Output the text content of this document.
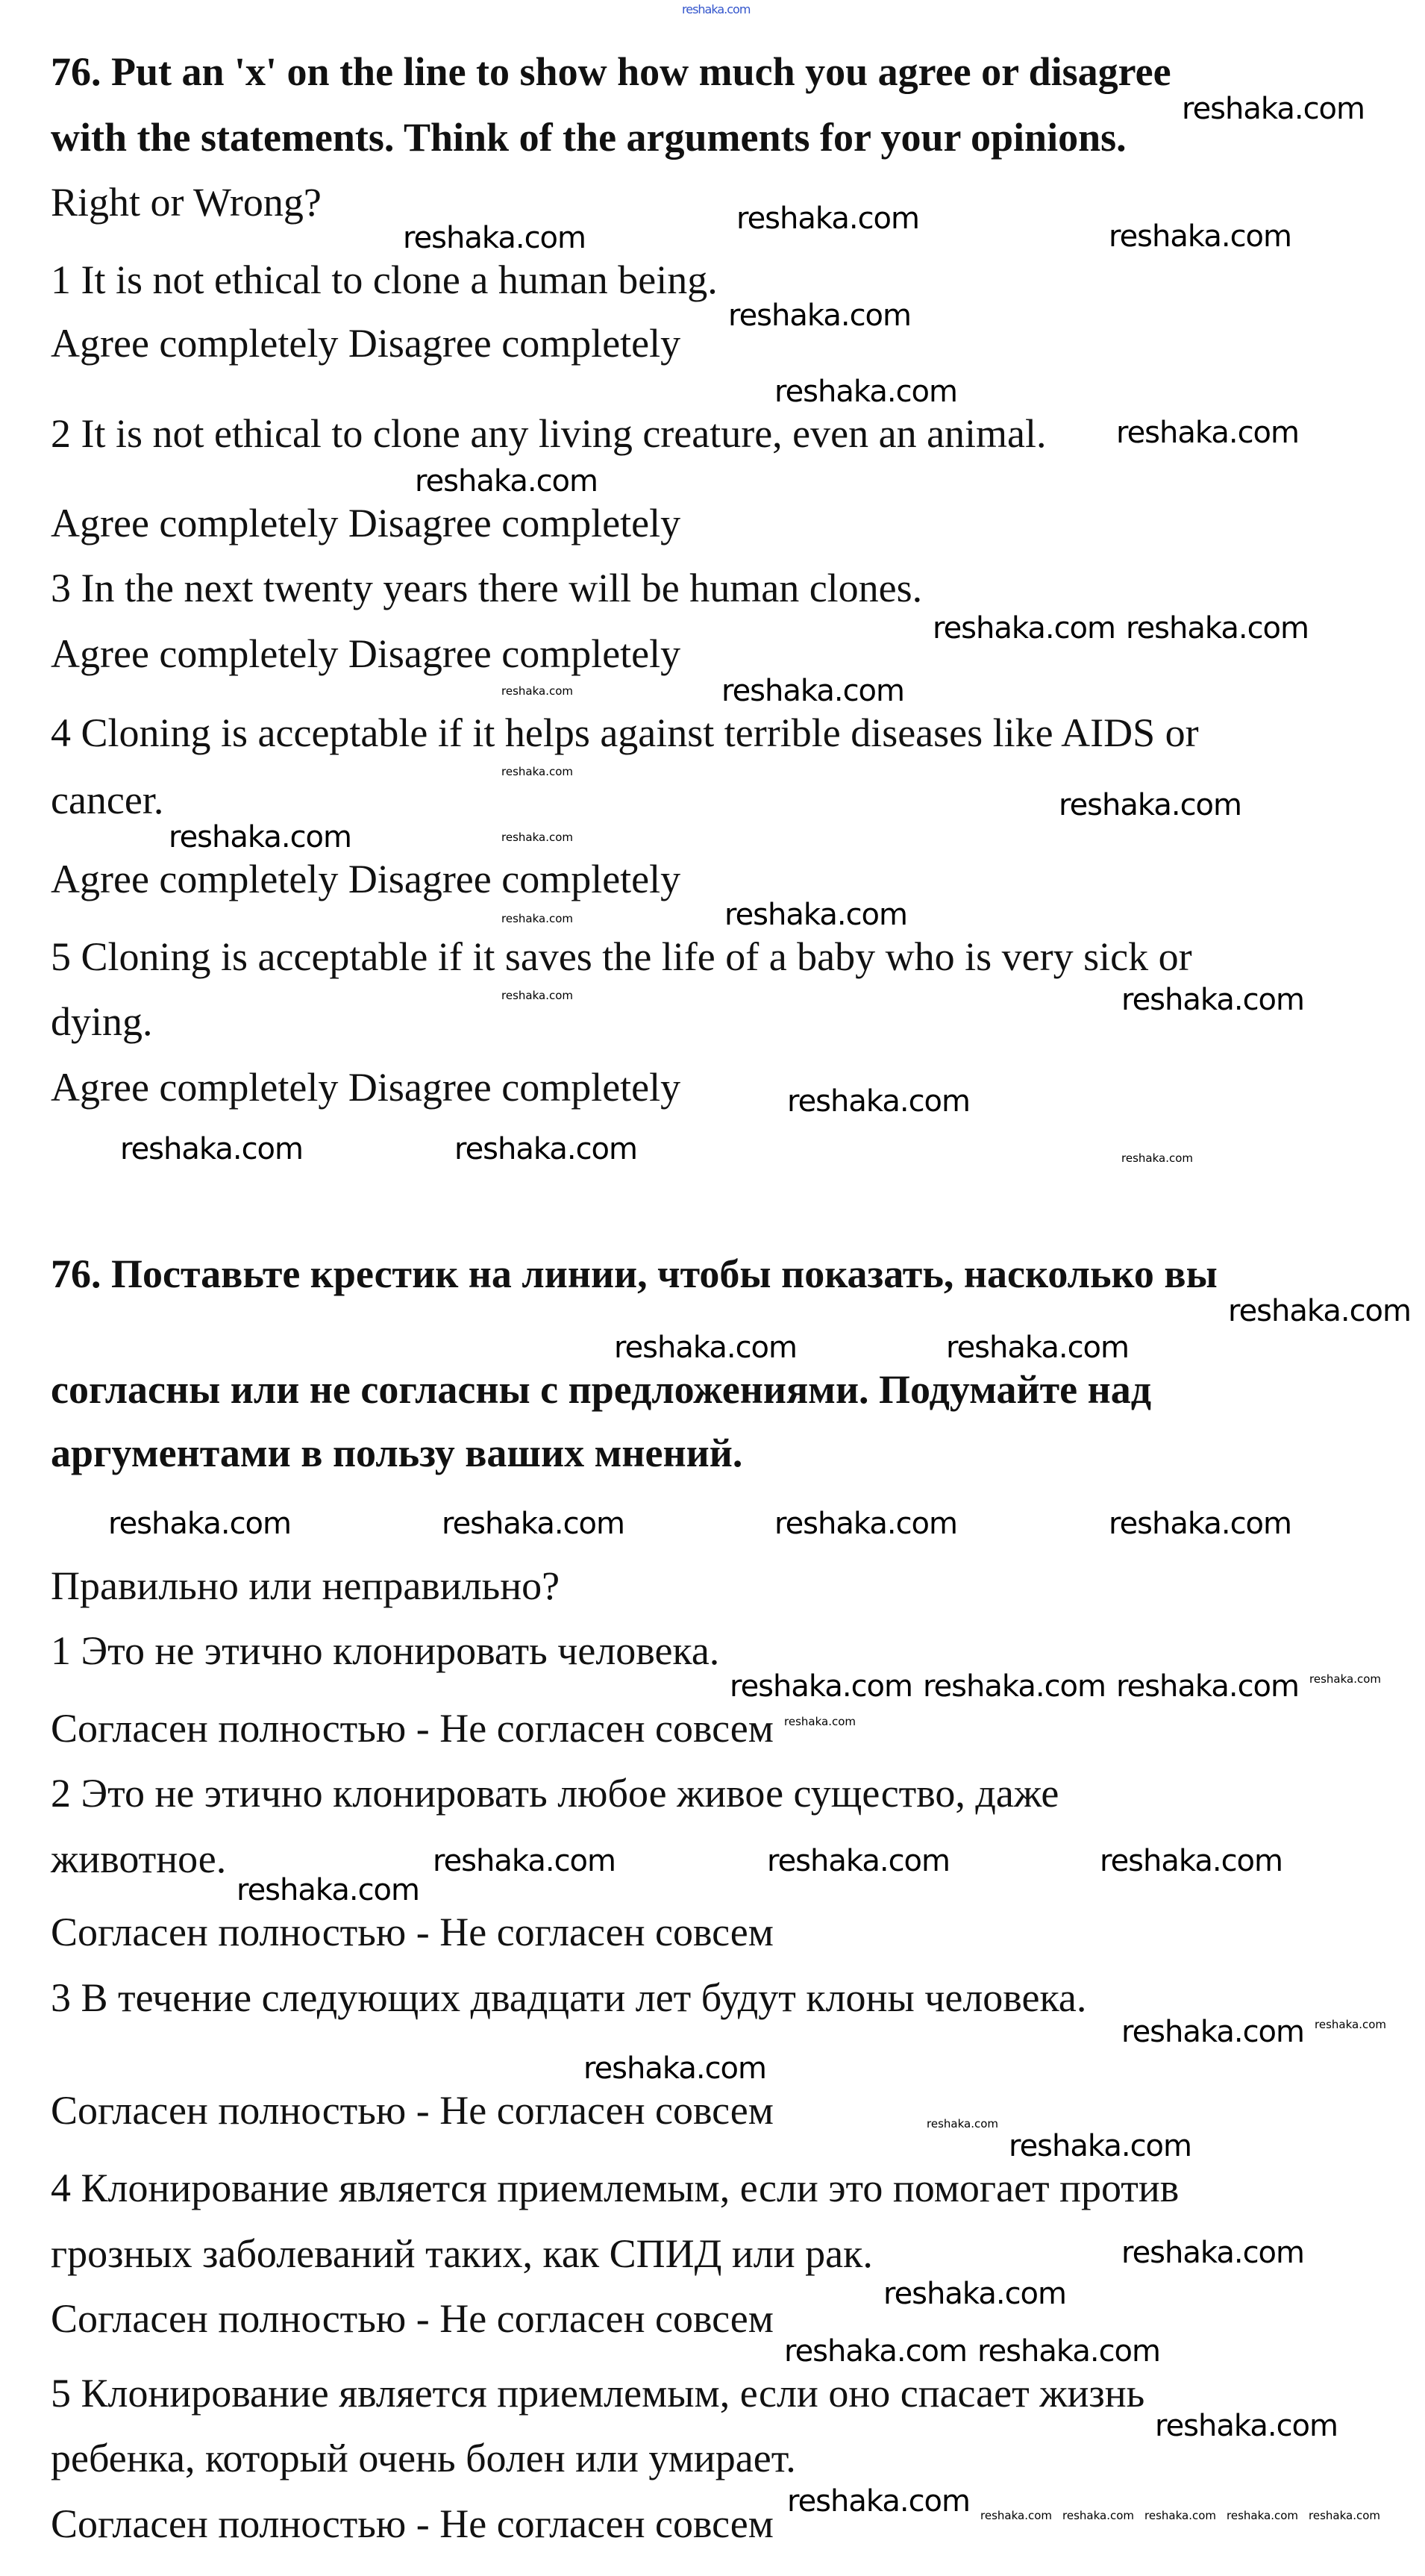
76. Put an 'x' on the line to show how much you agree or disagree
with the statements. Think of the arguments for your opinions.
Right or Wrong?
1 It is not ethical to clone a human being.
Agree completely Disagree completely
2 It is not ethical to clone any living creature, even an animal.
Agree completely Disagree completely
3 In the next twenty years there will be human clones.
Agree completely Disagree completely
4 Cloning is acceptable if it helps against terrible diseases like AIDS or
cancer.
Agree completely Disagree completely
5 Cloning is acceptable if it saves the life of a baby who is very sick or
dying.
Agree completely Disagree completely
76. Поставьте крестик на линии, чтобы показать, насколько вы
согласны или не согласны с предложениями. Подумайте над
аргументами в пользу ваших мнений.
Правильно или неправильно?
1 Это не этично клонировать человека.
Согласен полностью - Не согласен совсем
2 Это не этично клонировать любое живое существо, даже
животное.
Согласен полностью - Не согласен совсем
3 В течение следующих двадцати лет будут клоны человека.
Согласен полностью - Не согласен совсем
4 Клонирование является приемлемым, если это помогает против
грозных заболеваний таких, как СПИД или рак.
Согласен полностью - Не согласен совсем
5 Клонирование является приемлемым, если оно спасает жизнь
ребенка, который очень болен или умирает.
Согласен полностью - Не согласен совсем
reshaka.com
reshaka.com
reshaka.com
reshaka.com
reshaka.com
reshaka.com
reshaka.com
reshaka.com
reshaka.com
reshaka.com reshaka.com
reshaka.com	reshaka.com
reshaka.com
reshaka.com
reshaka.com
reshaka.com
reshaka.com	reshaka.com
reshaka.com	reshaka.com
reshaka.com
reshaka.com	reshaka.com	reshaka.com
reshaka.com
reshaka.com	reshaka.com
reshaka.com	reshaka.com	reshaka.com	reshaka.com
reshaka.com
reshaka.com reshaka.com reshaka.com
reshaka.com
reshaka.com	reshaka.com	reshaka.com
reshaka.com
reshaka.com
reshaka.com
reshaka.com
reshaka.com
reshaka.com
reshaka.com
reshaka.com
reshaka.com reshaka.com
reshaka.com
reshaka.com reshaka.com reshaka.com reshaka.com reshaka.com reshaka.com
